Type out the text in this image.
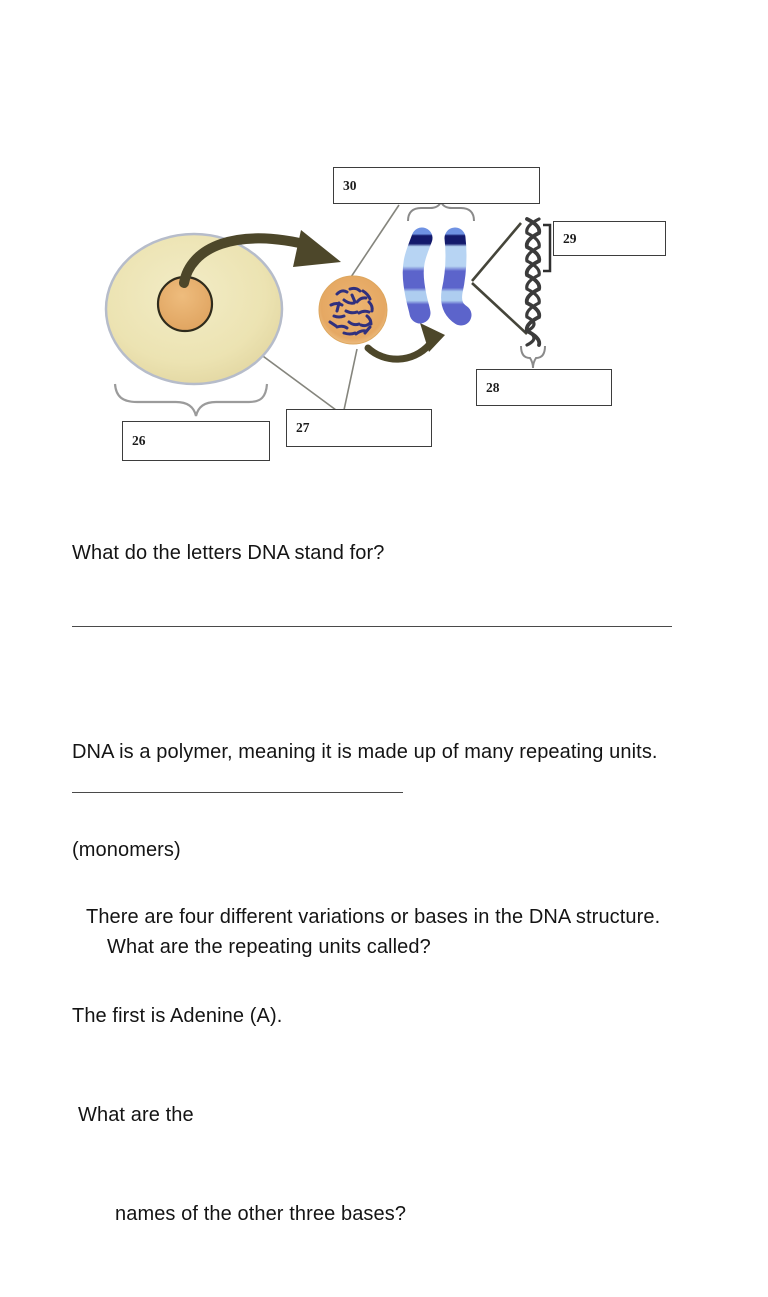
30
29
28
27
26
What do the letters DNA stand for?

DNA is a polymer, meaning it is made up of many repeating units.

(monomers)

What are the repeating units called?

There are four different variations or bases in the DNA structure.

The first is Adenine (A).

What are the

names of the other three bases?
